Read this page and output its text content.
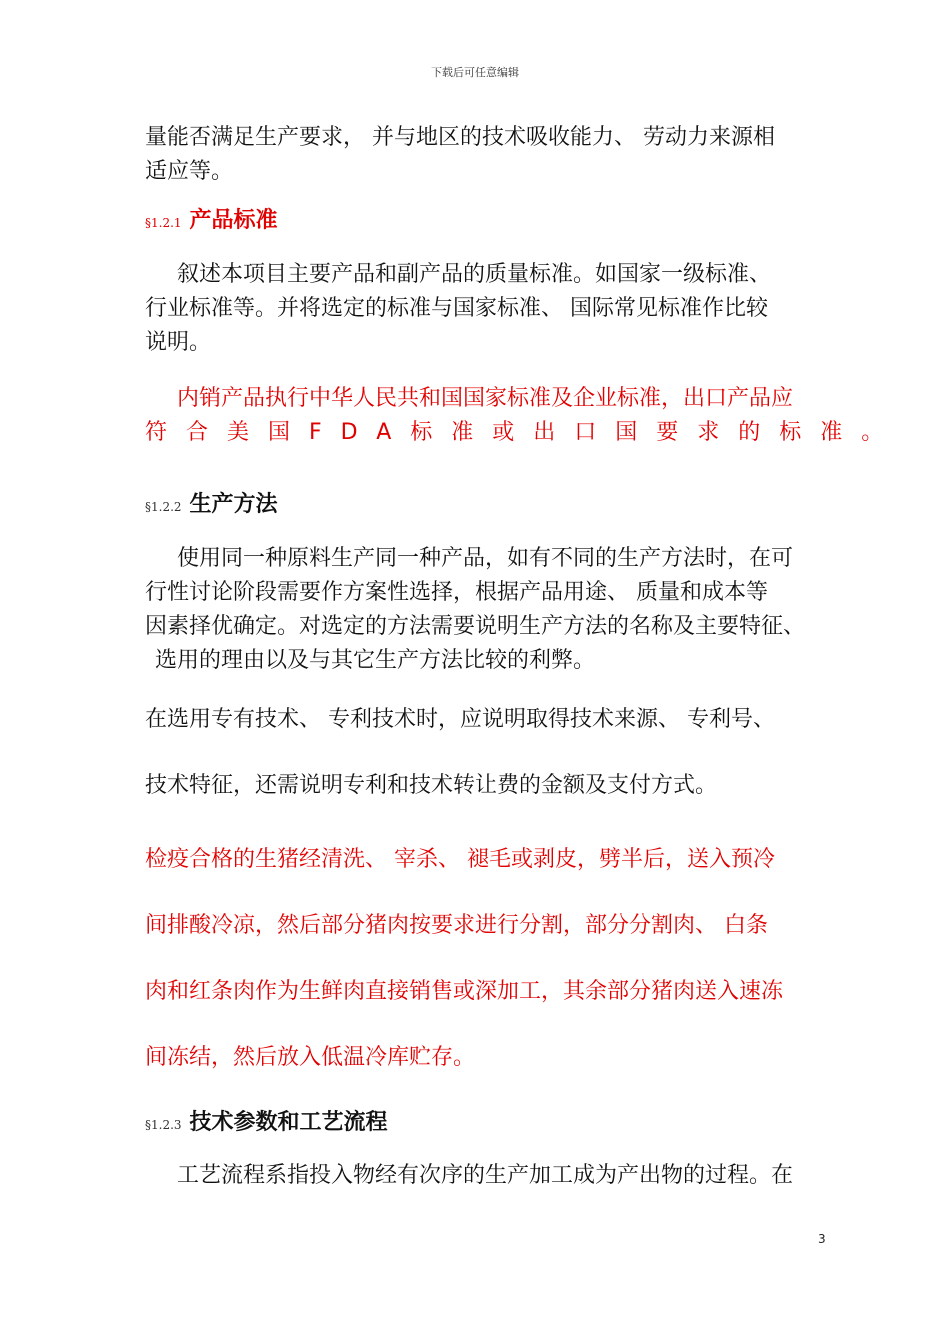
下载后可任意编辑
量能否满足生产要求， 并与地区的技术吸收能力、 劳动力来源相
适应等。
§1.2.1 产品标准
叙述本项目主要产品和副产品的质量标准。如国家一级标准、
行业标准等。并将选定的标准与国家标准、 国际常见标准作比较
说明。
内销产品执行中华人民共和国国家标准及企业标准，出口产品应
符合美国FDA标准或出口国要求的标准。
§1.2.2 生产方法
使用同一种原料生产同一种产品，如有不同的生产方法时，在可
行性讨论阶段需要作方案性选择，根据产品用途、 质量和成本等
因素择优确定。对选定的方法需要说明生产方法的名称及主要特征、
选用的理由以及与其它生产方法比较的利弊。
在选用专有技术、 专利技术时，应说明取得技术来源、 专利号、
技术特征，还需说明专利和技术转让费的金额及支付方式。
检疫合格的生猪经清洗、 宰杀、 褪毛或剥皮，劈半后，送入预冷
间排酸冷凉，然后部分猪肉按要求进行分割，部分分割肉、 白条
肉和红条肉作为生鲜肉直接销售或深加工，其余部分猪肉送入速冻
间冻结，然后放入低温冷库贮存。
§1.2.3 技术参数和工艺流程
工艺流程系指投入物经有次序的生产加工成为产出物的过程。在
3
